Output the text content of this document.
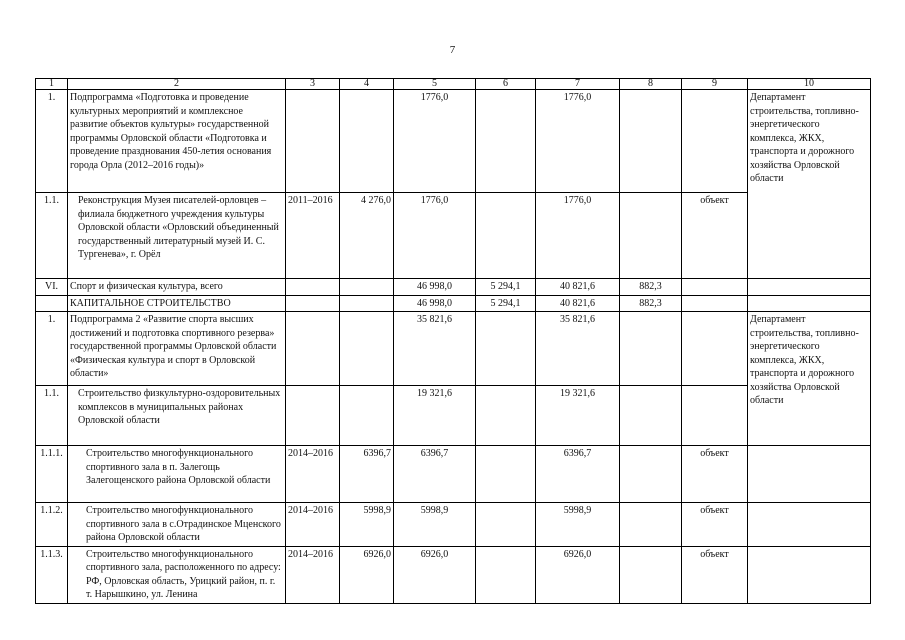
7
1	2	3	4	5	6	7	8	9	10
1.	Подпрограмма «Подготовка и проведение культурных мероприятий и комплексное развитие объектов культуры» государственной программы Орловской области «Подготовка и проведение празднования 450-летия основания города Орла (2012–2016 годы)»			1776,0		1776,0			Департамент строительства, топливно-энергетического комплекса, ЖКХ, транспорта и дорожного хозяйства Орловской области
1.1.	Реконструкция Музея писателей-орловцев – филиала бюджетного учреждения культуры Орловской области «Орловский объединенный государственный литературный музей И. С. Тургенева», г. Орёл	2011–2016	4 276,0	1776,0		1776,0		объект	
VI.	Спорт и физическая культура, всего			46 998,0	5 294,1	40 821,6	882,3		
	КАПИТАЛЬНОЕ СТРОИТЕЛЬСТВО			46 998,0	5 294,1	40 821,6	882,3		
1.	Подпрограмма 2 «Развитие спорта высших достижений и подготовка спортивного резерва» государственной программы Орловской области «Физическая культура и спорт в Орловской области»			35 821,6		35 821,6			Департамент строительства, топливно-энергетического комплекса, ЖКХ, транспорта и дорожного хозяйства Орловской области
1.1.	Строительство физкультурно-оздоровительных комплексов в муниципальных районах Орловской области			19 321,6		19 321,6			
1.1.1.	Строительство многофункционального спортивного зала в п. Залегощь Залегощенского района Орловской области	2014–2016	6396,7	6396,7		6396,7		объект	
1.1.2.	Строительство многофункционального спортивного зала в с.Отрадинское Мценского района Орловской области	2014–2016	5998,9	5998,9		5998,9		объект	
1.1.3.	Строительство многофункционального спортивного зала, расположенного по адресу: РФ, Орловская область, Урицкий район, п. г. т. Нарышкино, ул. Ленина	2014–2016	6926,0	6926,0		6926,0		объект	
